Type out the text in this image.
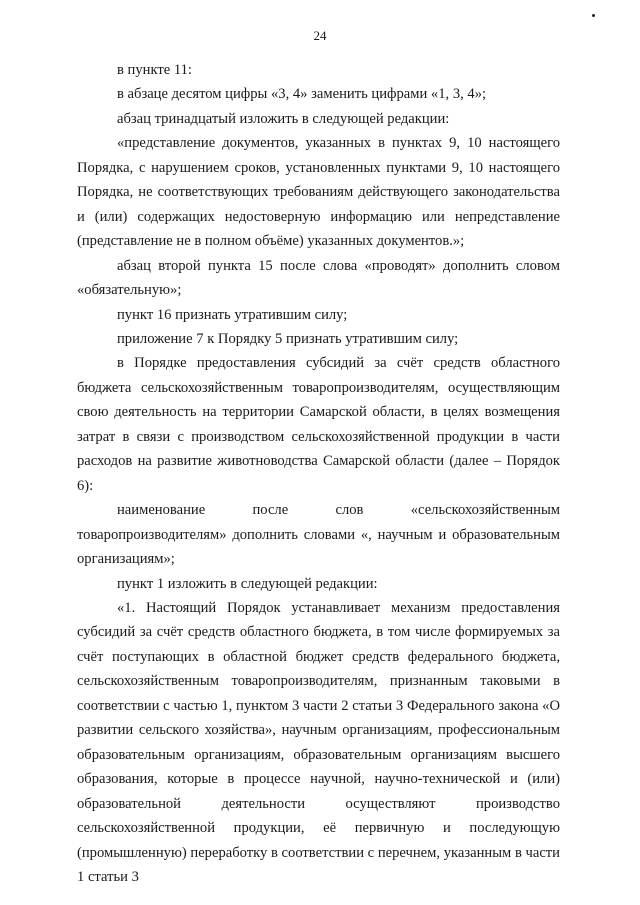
24

в пункте 11:

в абзаце десятом цифры «3, 4» заменить цифрами «1, 3, 4»;

абзац тринадцатый изложить в следующей редакции:

«представление документов, указанных в пунктах 9, 10 настоящего Порядка, с нарушением сроков, установленных пунктами 9, 10 настоящего Порядка, не соответствующих требованиям действующего законодательства и (или) содержащих недостоверную информацию или непредставление (представление не в полном объёме) указанных документов.»;

абзац второй пункта 15 после слова «проводят» дополнить словом «обязательную»;

пункт 16 признать утратившим силу;

приложение 7 к Порядку 5 признать утратившим силу;

в Порядке предоставления субсидий за счёт средств областного бюджета сельскохозяйственным товаропроизводителям, осуществляющим свою деятельность на территории Самарской области, в целях возмещения затрат в связи с производством сельскохозяйственной продукции в части расходов на развитие животноводства Самарской области (далее – Порядок 6):

наименование после слов «сельскохозяйственным товаропроизводителям» дополнить словами «, научным и образовательным организациям»;

пункт 1 изложить в следующей редакции:

«1. Настоящий Порядок устанавливает механизм предоставления субсидий за счёт средств областного бюджета, в том числе формируемых за счёт поступающих в областной бюджет средств федерального бюджета, сельскохозяйственным товаропроизводителям, признанным таковыми в соответствии с частью 1, пунктом 3 части 2 статьи 3 Федерального закона «О развитии сельского хозяйства», научным организациям, профессиональным образовательным организациям, образовательным организациям высшего образования, которые в процессе научной, научно-технической и (или) образовательной деятельности осуществляют производство сельскохозяйственной продукции, её первичную и последующую (промышленную) переработку в соответствии с перечнем, указанным в части 1 статьи 3
